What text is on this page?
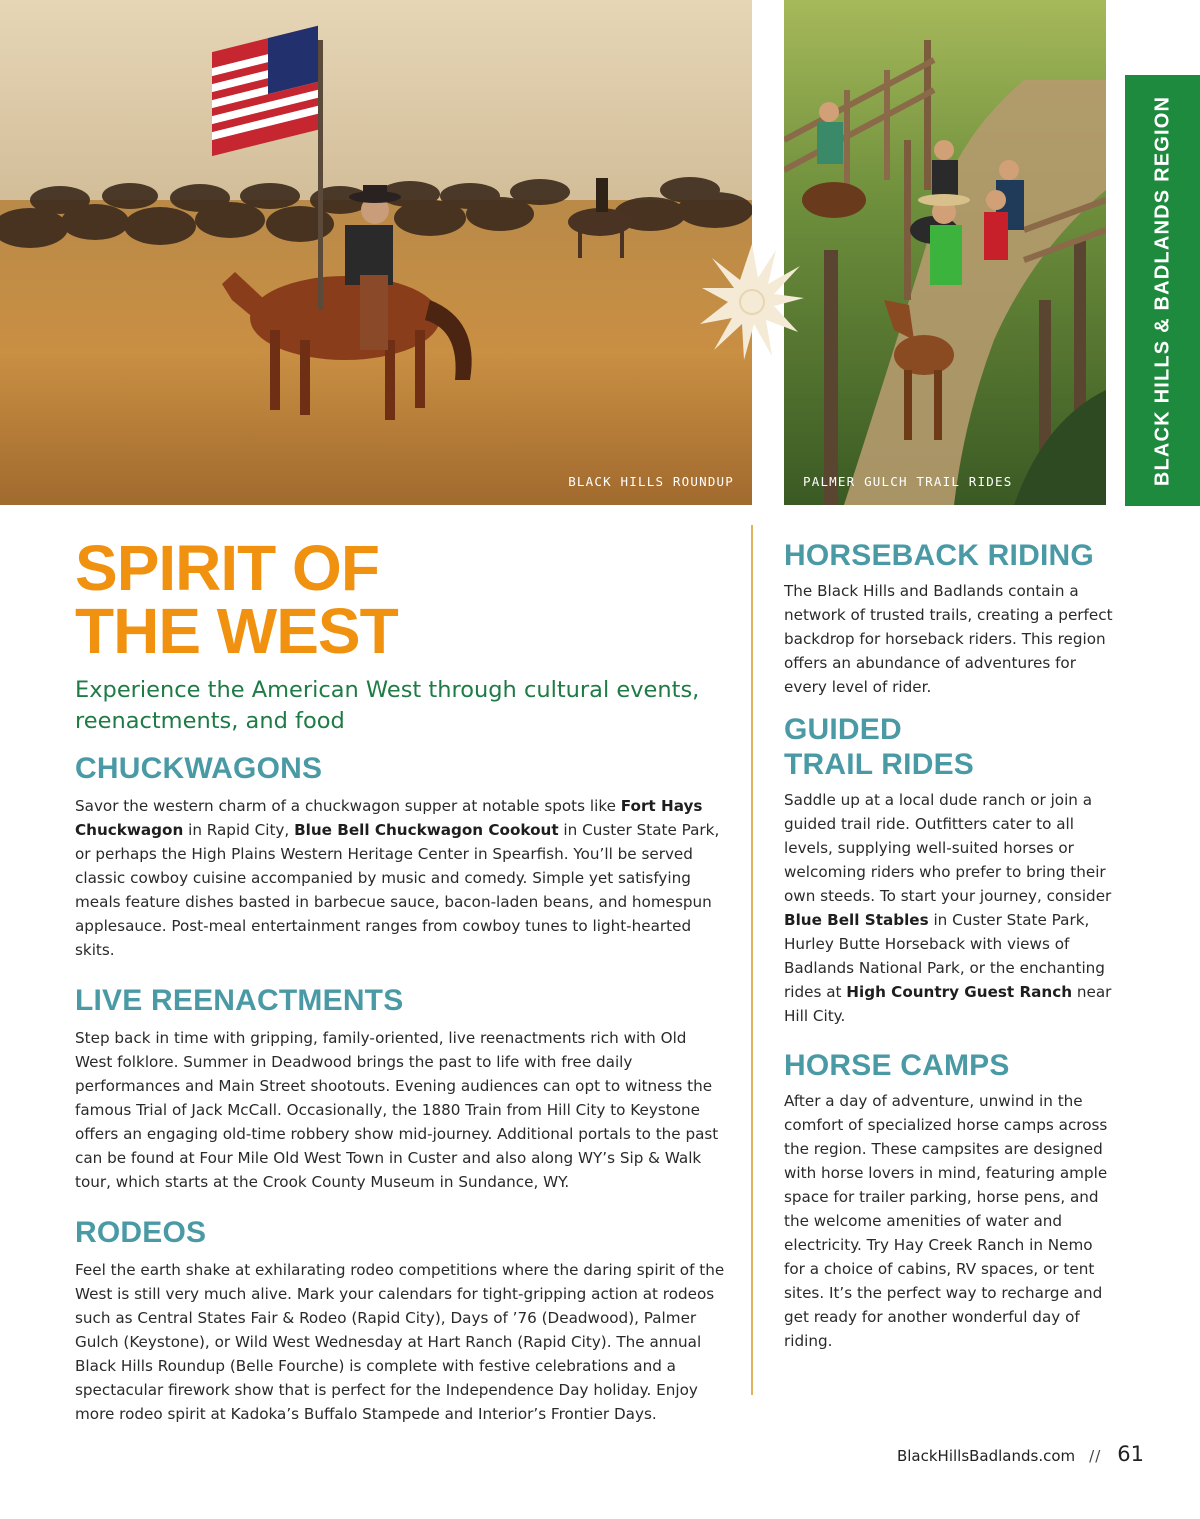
BLACK HILLS ROUNDUP	PALMER GULCH TRAIL RIDES	BLACK HILLS & BADLANDS REGION
SPIRIT OF
THE WEST

Experience the American West through cultural events, reenactments, and food

CHUCKWAGONS

Savor the western charm of a chuckwagon supper at notable spots like Fort Hays Chuckwagon in Rapid City, Blue Bell Chuckwagon Cookout in Custer State Park, or perhaps the High Plains Western Heritage Center in Spearfish. You’ll be served classic cowboy cuisine accompanied by music and comedy. Simple yet satisfying meals feature dishes basted in barbecue sauce, bacon-laden beans, and homespun applesauce. Post-meal entertainment ranges from cowboy tunes to light-hearted skits.

LIVE REENACTMENTS

Step back in time with gripping, family-oriented, live reenactments rich with Old West folklore. Summer in Deadwood brings the past to life with free daily performances and Main Street shootouts. Evening audiences can opt to witness the famous Trial of Jack McCall. Occasionally, the 1880 Train from Hill City to Keystone offers an engaging old-time robbery show mid-journey. Additional portals to the past can be found at Four Mile Old West Town in Custer and also along WY’s Sip & Walk tour, which starts at the Crook County Museum in Sundance, WY.

RODEOS

Feel the earth shake at exhilarating rodeo competitions where the daring spirit of the West is still very much alive. Mark your calendars for tight-gripping action at rodeos such as Central States Fair & Rodeo (Rapid City), Days of ’76 (Deadwood), Palmer Gulch (Keystone), or Wild West Wednesday at Hart Ranch (Rapid City). The annual Black Hills Roundup (Belle Fourche) is complete with festive celebrations and a spectacular firework show that is perfect for the Independence Day holiday. Enjoy more rodeo spirit at Kadoka’s Buffalo Stampede and Interior’s Frontier Days.

HORSEBACK RIDING

The Black Hills and Badlands contain a network of trusted trails, creating a perfect backdrop for horseback riders. This region offers an abundance of adventures for every level of rider.

GUIDED
TRAIL RIDES

Saddle up at a local dude ranch or join a guided trail ride. Outfitters cater to all levels, supplying well-suited horses or welcoming riders who prefer to bring their own steeds. To start your journey, consider Blue Bell Stables in Custer State Park, Hurley Butte Horseback with views of Badlands National Park, or the enchanting rides at High Country Guest Ranch near Hill City.

HORSE CAMPS

After a day of adventure, unwind in the comfort of specialized horse camps across the region. These campsites are designed with horse lovers in mind, featuring ample space for trailer parking, horse pens, and the welcome amenities of water and electricity. Try Hay Creek Ranch in Nemo for a choice of cabins, RV spaces, or tent sites. It’s the perfect way to recharge and get ready for another wonderful day of riding.

BlackHillsBadlands.com // 61
